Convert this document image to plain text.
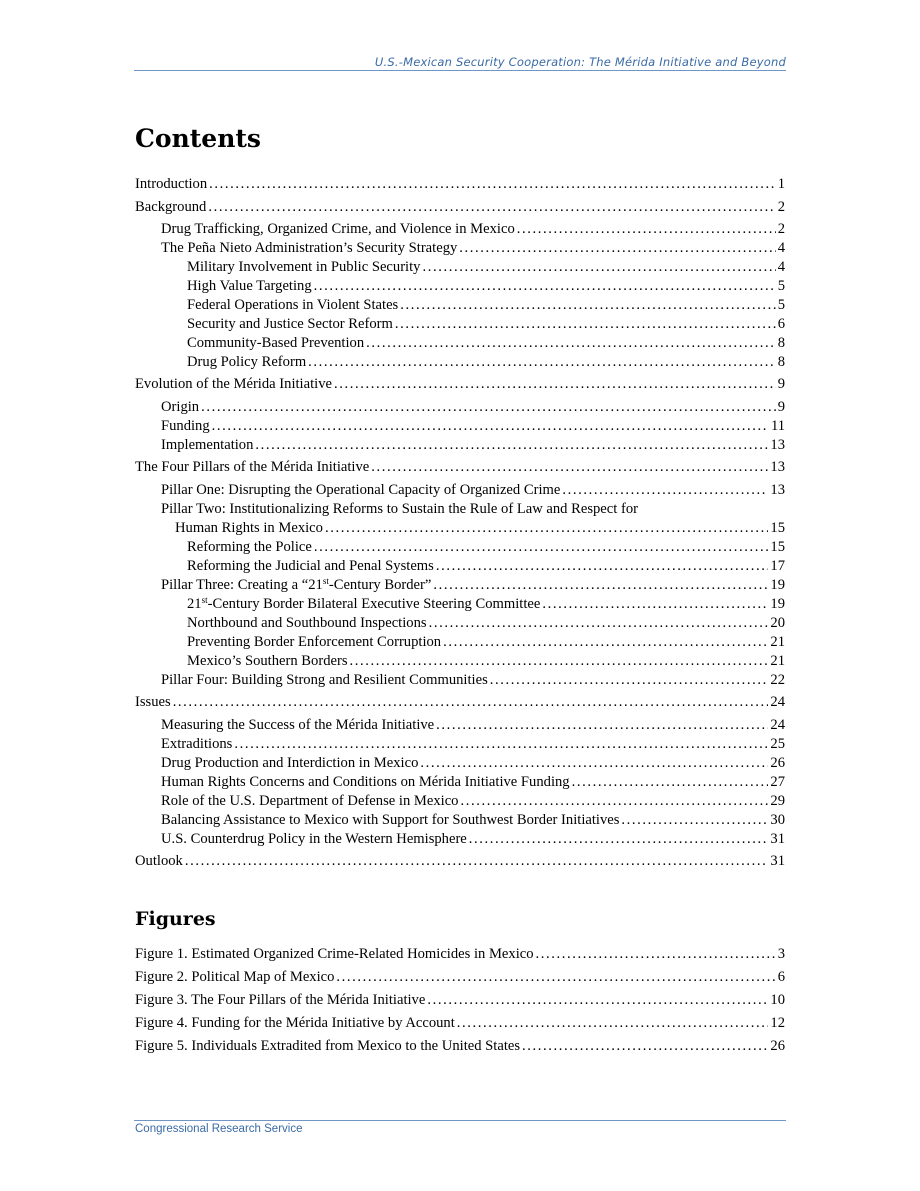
U.S.-Mexican Security Cooperation: The Mérida Initiative and Beyond
Contents
Introduction .....	1
Background .....	2
Drug Trafficking, Organized Crime, and Violence in Mexico .....	2
The Peña Nieto Administration’s Security Strategy .....	4
Military Involvement in Public Security .....	4
High Value Targeting .....	5
Federal Operations in Violent States .....	5
Security and Justice Sector Reform .....	6
Community-Based Prevention .....	8
Drug Policy Reform .....	8
Evolution of the Mérida Initiative .....	9
Origin .....	9
Funding .....	11
Implementation .....	13
The Four Pillars of the Mérida Initiative .....	13
Pillar One: Disrupting the Operational Capacity of Organized Crime .....	13
Pillar Two: Institutionalizing Reforms to Sustain the Rule of Law and Respect for
Human Rights in Mexico .....	15
Reforming the Police .....	15
Reforming the Judicial and Penal Systems .....	17
Pillar Three: Creating a “21st-Century Border” .....	19
21st-Century Border Bilateral Executive Steering Committee .....	19
Northbound and Southbound Inspections .....	20
Preventing Border Enforcement Corruption .....	21
Mexico’s Southern Borders .....	21
Pillar Four: Building Strong and Resilient Communities .....	22
Issues .....	24
Measuring the Success of the Mérida Initiative .....	24
Extraditions .....	25
Drug Production and Interdiction in Mexico .....	26
Human Rights Concerns and Conditions on Mérida Initiative Funding .....	27
Role of the U.S. Department of Defense in Mexico .....	29
Balancing Assistance to Mexico with Support for Southwest Border Initiatives .....	30
U.S. Counterdrug Policy in the Western Hemisphere .....	31
Outlook .....	31
Figures
Figure 1. Estimated Organized Crime-Related Homicides in Mexico .....	3
Figure 2. Political Map of Mexico .....	6
Figure 3. The Four Pillars of the Mérida Initiative .....	10
Figure 4. Funding for the Mérida Initiative by Account .....	12
Figure 5. Individuals Extradited from Mexico to the United States .....	26
Congressional Research Service
